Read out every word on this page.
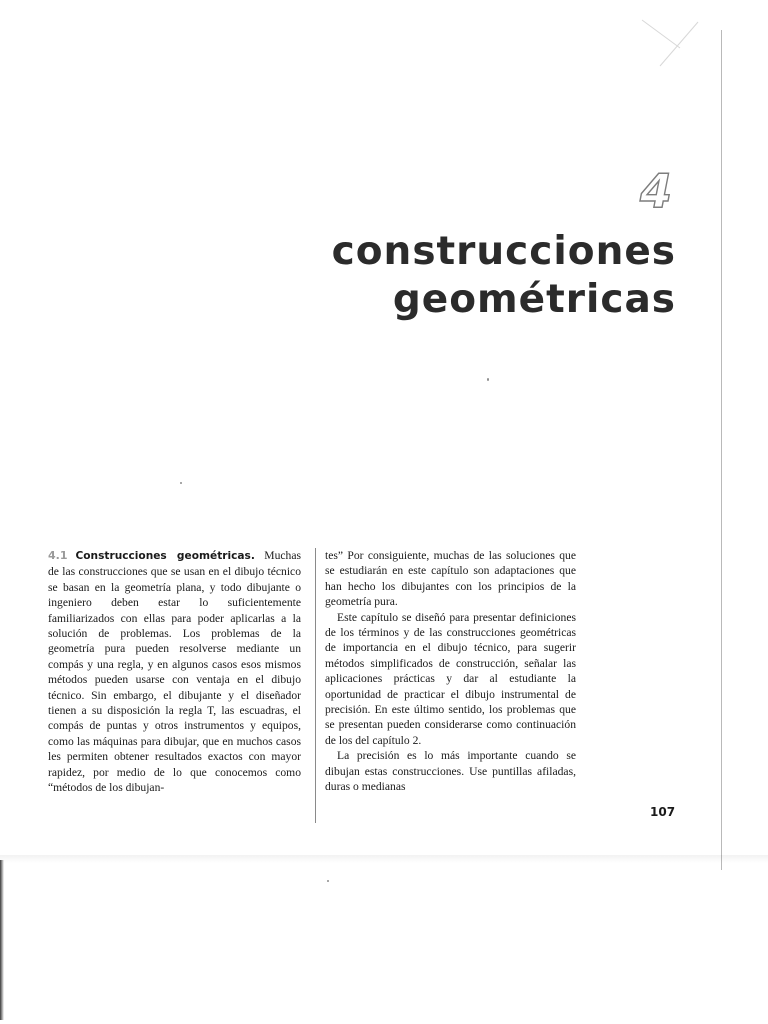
4
construcciones
geométricas

4.1 Construcciones geométricas. Muchas de las construcciones que se usan en el dibujo técnico se basan en la geometría plana, y todo dibujante o ingeniero deben estar lo suficientemente familiarizados con ellas para poder aplicarlas a la solución de problemas. Los problemas de la geometría pura pueden resolverse mediante un compás y una regla, y en algunos casos esos mismos métodos pueden usarse con ventaja en el dibujo técnico. Sin embargo, el dibujante y el diseñador tienen a su disposición la regla T, las escuadras, el compás de puntas y otros instrumentos y equipos, como las máquinas para dibujar, que en muchos casos les permiten obtener resultados exactos con mayor rapidez, por medio de lo que conocemos como “métodos de los dibujan-

tes” Por consiguiente, muchas de las soluciones que se estudiarán en este capítulo son adaptaciones que han hecho los dibujantes con los principios de la geometría pura.

Este capítulo se diseñó para presentar definiciones de los términos y de las construcciones geométricas de importancia en el dibujo técnico, para sugerir métodos simplificados de construcción, señalar las aplicaciones prácticas y dar al estudiante la oportunidad de practicar el dibujo instrumental de precisión. En este último sentido, los problemas que se presentan pueden considerarse como continuación de los del capítulo 2.

La precisión es lo más importante cuando se dibujan estas construcciones. Use puntillas afiladas, duras o medianas

107
